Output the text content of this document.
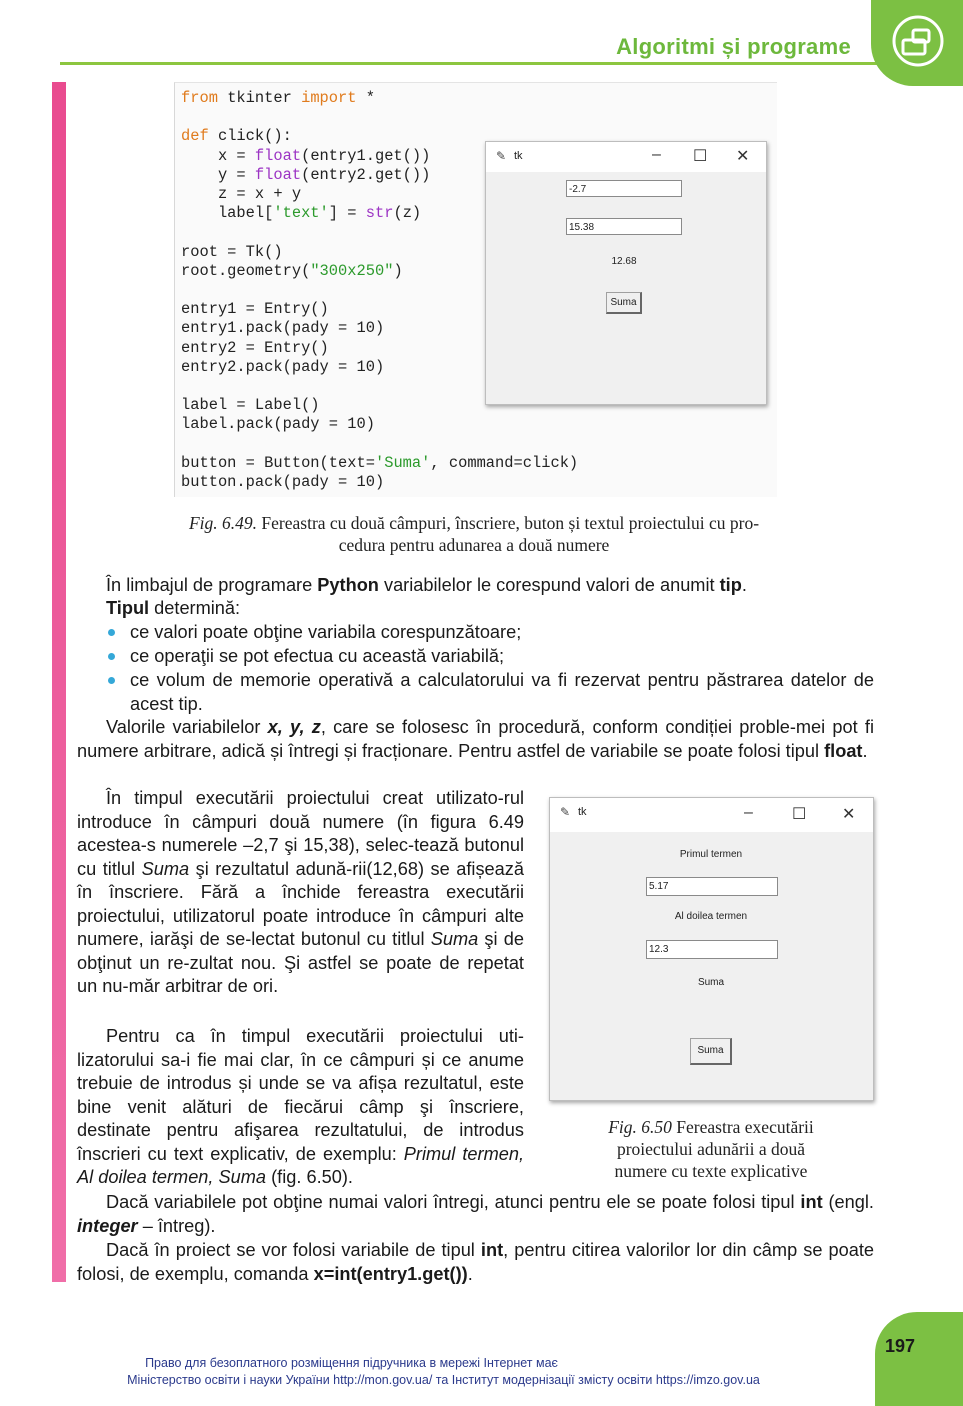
Algoritmi și programe
from tkinter import *

def click():
x = float(entry1.get())
y = float(entry2.get())
z = x + y
label['text'] = str(z)

root = Tk()
root.geometry("300x250")

entry1 = Entry()
entry1.pack(pady = 10)
entry2 = Entry()
entry2.pack(pady = 10)

label = Label()
label.pack(pady = 10)

button = Button(text='Suma', command=click)
button.pack(pady = 10)
✎ tk	– ☐ ✕
-2.7
15.38
12.68
Suma
Fig. 6.49. Fereastra cu două câmpuri, înscriere, buton și textul proiectului cu pro-
cedura pentru adunarea a două numere
În limbajul de programare Python variabilelor le corespund valori de anumit tip.
Tipul determină:
ce valori poate obţine variabila corespunzătoare;
ce operaţii se pot efectua cu această variabilă;
ce volum de memorie operativă a calculatorului va fi rezervat pentru păstrarea datelor de acest tip.
Valorile variabilelor x, y, z, care se folosesc în procedură, conform condiției proble-mei pot fi numere arbitrare, adică și întregi și fracționare. Pentru astfel de variabile se poate folosi tipul float.
În timpul executării proiectului creat utilizato-rul introduce în câmpuri două numere (în figura 6.49 acestea-s numerele –2,7 şi 15,38), selec-tează butonul cu titlul Suma şi rezultatul adună-rii(12,68) se afișează în înscriere. Fără a închide fereastra executării proiectului, utilizatorul poate introduce în câmpuri alte numere, iarăşi de se-lectat butonul cu titlul Suma şi de obţinut un re-zultat nou. Şi astfel se poate de repetat un nu-măr arbitrar de ori.
Pentru ca în timpul executării proiectului uti-lizatorului sa-i fie mai clar, în ce câmpuri și ce anume trebuie de introdus și unde se va afișa rezultatul, este bine venit alături de fiecărui câmp şi înscriere, destinate pentru afişarea rezultatului, de introdus înscrieri cu text explicativ, de exemplu: Primul termen, Al doilea termen, Suma (fig. 6.50).
✎ tk	– ☐ ✕
Primul termen
5.17
Al doilea termen
12.3
Suma
Suma
Fig. 6.50 Fereastra executării
proiectului adunării a două
numere cu texte explicative
Dacă variabilele pot obţine numai valori întregi, atunci pentru ele se poate folosi tipul int (engl. integer – întreg).
Dacă în proiect se vor folosi variabile de tipul int, pentru citirea valorilor lor din câmp se poate folosi, de exemplu, comanda x=int(entry1.get()).
197
Право для безоплатного розміщення підручника в мережі Інтернет має
Міністерство освіти і науки України http://mon.gov.ua/ та Інститут модернізації змісту освіти https://imzo.gov.ua
